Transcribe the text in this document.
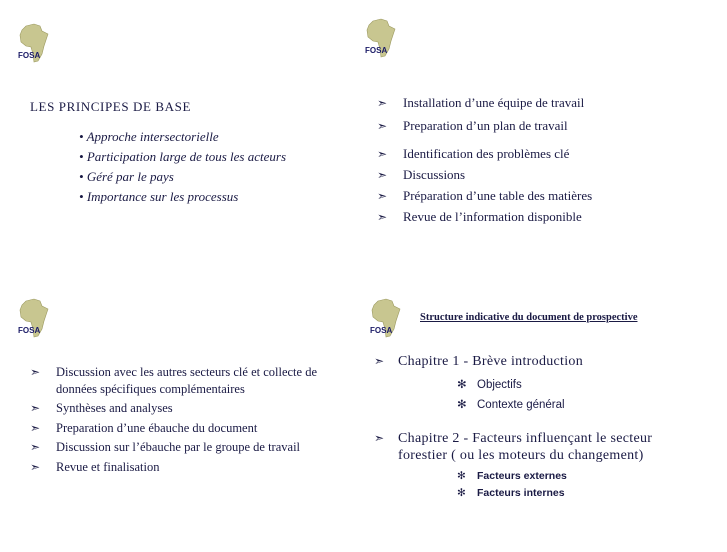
FOSA
FOSA
FOSA	FOSA
LES PRINCIPES DE BASE
• Approche intersectorielle
• Participation large de tous les acteurs
• Géré par le pays
• Importance sur les processus
➣ Installation d’une équipe de travail
➣ Preparation d’un plan de travail
➣ Identification des problèmes clé
➣ Discussions
➣ Préparation d’une table des matières
➣ Revue de l’information disponible
➣ Discussion avec les autres secteurs clé et collecte de données spécifiques complémentaires
➣ Synthèses and analyses
➣ Preparation d’une ébauche du document
➣ Discussion sur l’ébauche par le groupe de travail
➣ Revue et finalisation
Structure indicative du document de prospective
➣ Chapitre 1 - Brève introduction
✻ Objectifs
✻ Contexte général
➣ Chapitre 2 - Facteurs influençant le secteur forestier ( ou les moteurs du changement)
✻ Facteurs externes
✻ Facteurs internes
